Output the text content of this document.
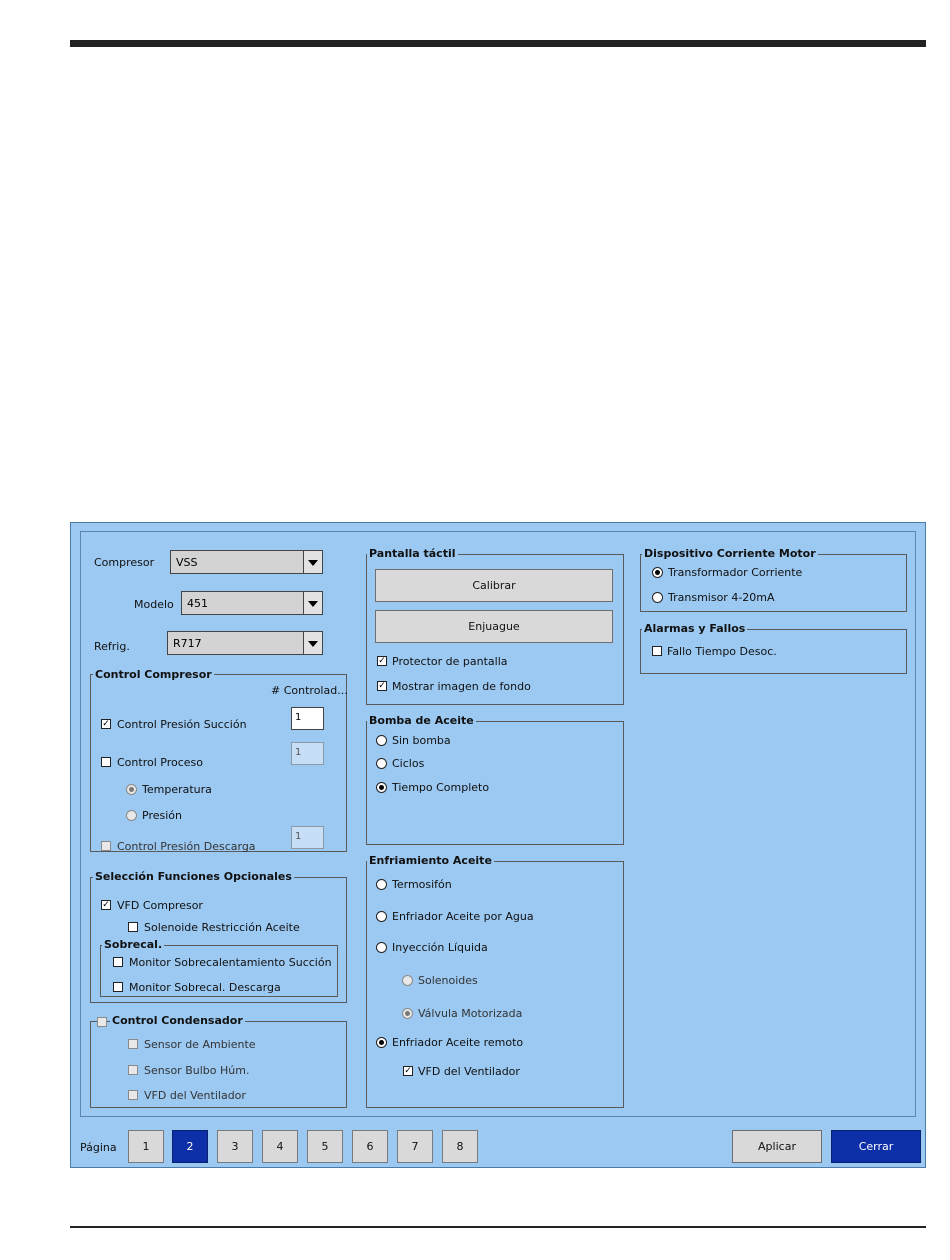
Compresor VSS
Modelo 451
Refrig.	R717
Control Compresor
# Controlad...
✓ Control Presión Succión
1
Control Proceso
1
Temperatura
Presión
Control Presión Descarga
1
Selección Funciones Opcionales
✓ VFD Compresor
Solenoide Restricción Aceite
Sobrecal.
Monitor Sobrecalentamiento Succión
Monitor Sobrecal. Descarga
Control Condensador
Sensor de Ambiente
Sensor Bulbo Húm.
VFD del Ventilador
Pantalla táctil
Calibrar
Enjuague
✓ Protector de pantalla
✓ Mostrar imagen de fondo
Bomba de Aceite
Sin bomba
Ciclos
Tiempo Completo
Enfriamiento Aceite
Termosifón
Enfriador Aceite por Agua
Inyección Líquida
Solenoides
Válvula Motorizada
Enfriador Aceite remoto
✓ VFD del Ventilador
Dispositivo Corriente Motor
Transformador Corriente
Transmisor 4-20mA
Alarmas y Fallos
Fallo Tiempo Desoc.
Página	1	2	3	4	5	6	7	8	Aplicar	Cerrar
